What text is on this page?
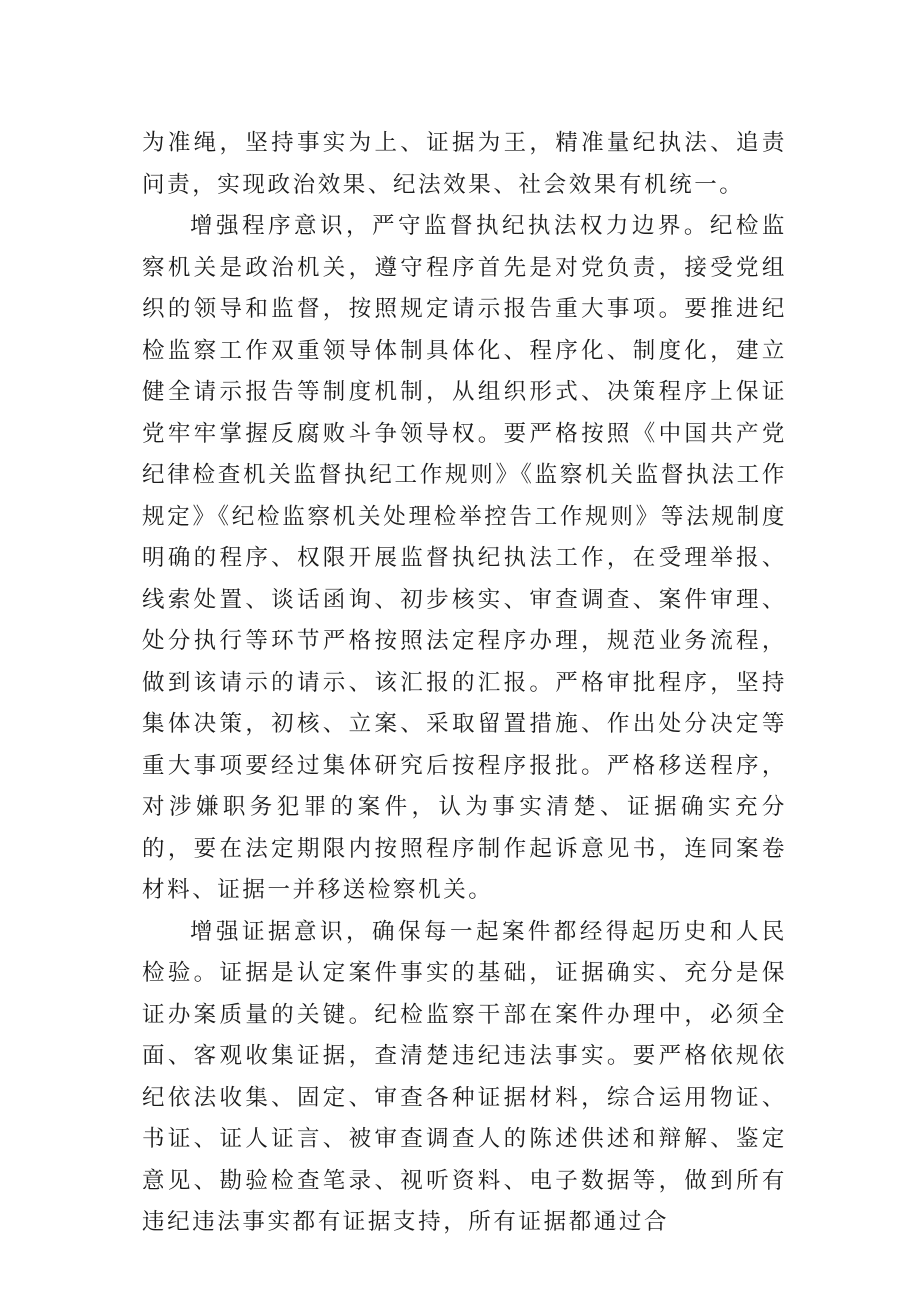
为准绳，坚持事实为上、证据为王，精准量纪执法、追责问责，实现政治效果、纪法效果、社会效果有机统一。

增强程序意识，严守监督执纪执法权力边界。纪检监察机关是政治机关，遵守程序首先是对党负责，接受党组织的领导和监督，按照规定请示报告重大事项。要推进纪检监察工作双重领导体制具体化、程序化、制度化，建立健全请示报告等制度机制，从组织形式、决策程序上保证党牢牢掌握反腐败斗争领导权。要严格按照《中国共产党纪律检查机关监督执纪工作规则》《监察机关监督执法工作规定》《纪检监察机关处理检举控告工作规则》等法规制度明确的程序、权限开展监督执纪执法工作，在受理举报、线索处置、谈话函询、初步核实、审查调查、案件审理、处分执行等环节严格按照法定程序办理，规范业务流程，做到该请示的请示、该汇报的汇报。严格审批程序，坚持集体决策，初核、立案、采取留置措施、作出处分决定等重大事项要经过集体研究后按程序报批。严格移送程序，对涉嫌职务犯罪的案件，认为事实清楚、证据确实充分的，要在法定期限内按照程序制作起诉意见书，连同案卷材料、证据一并移送检察机关。

增强证据意识，确保每一起案件都经得起历史和人民检验。证据是认定案件事实的基础，证据确实、充分是保证办案质量的关键。纪检监察干部在案件办理中，必须全面、客观收集证据，查清楚违纪违法事实。要严格依规依纪依法收集、固定、审查各种证据材料，综合运用物证、书证、证人证言、被审查调查人的陈述供述和辩解、鉴定意见、勘验检查笔录、视听资料、电子数据等，做到所有违纪违法事实都有证据支持，所有证据都通过合
